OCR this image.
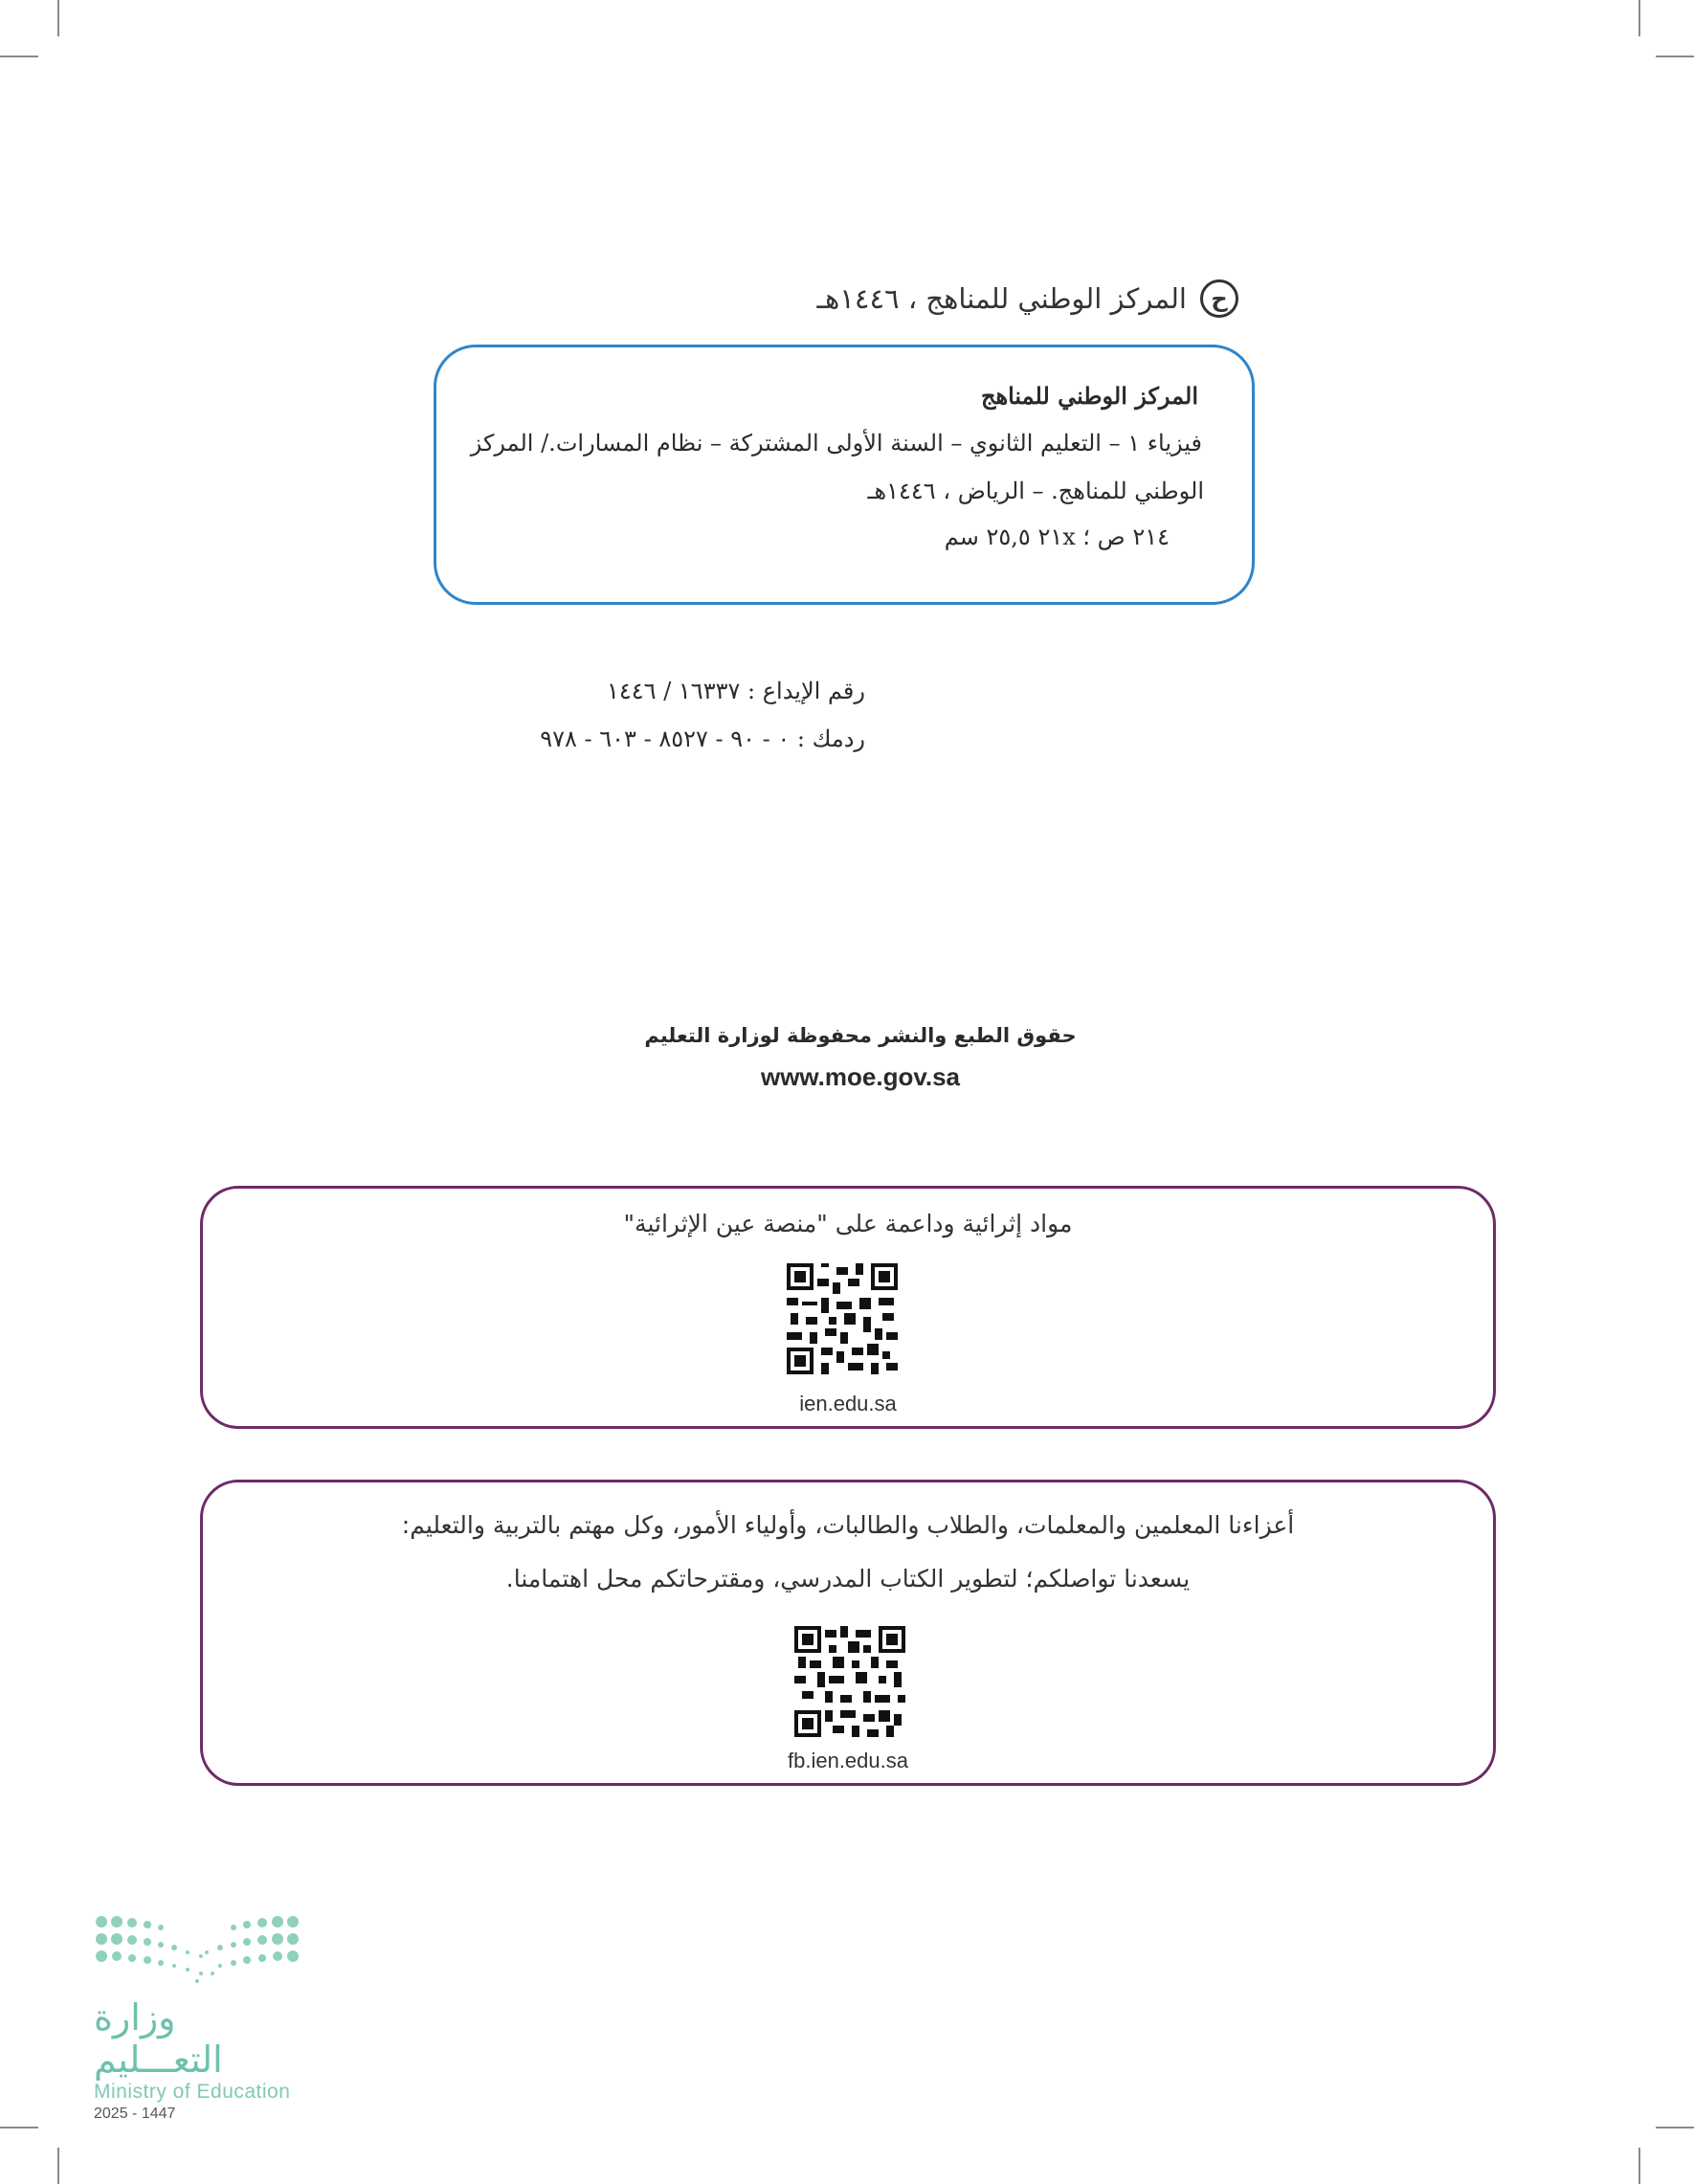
ح
المركز الوطني للمناهج ، ١٤٤٦هـ
المركز الوطني للمناهج
فيزياء ١ – التعليم الثانوي – السنة الأولى المشتركة – نظام المسارات./ المركز
الوطني للمناهج. – الرياض ، ١٤٤٦هـ
٢١٤ ص ؛ ٢١x ٢٥,٥ سم
رقم الإيداع : ١٦٣٣٧ / ١٤٤٦
ردمك : ٠ - ٩٠ - ٨٥٢٧ - ٦٠٣ - ٩٧٨
حقوق الطبع والنشر محفوظة لوزارة التعليم
www.moe.gov.sa
مواد إثرائية وداعمة على "منصة عين الإثرائية"
ien.edu.sa
أعزاءنا المعلمين والمعلمات، والطلاب والطالبات، وأولياء الأمور، وكل مهتم بالتربية والتعليم:
يسعدنا تواصلكم؛ لتطوير الكتاب المدرسي، ومقترحاتكم محل اهتمامنا.
fb.ien.edu.sa
وزارة التعـــليم
Ministry of Education
2025 - 1447
